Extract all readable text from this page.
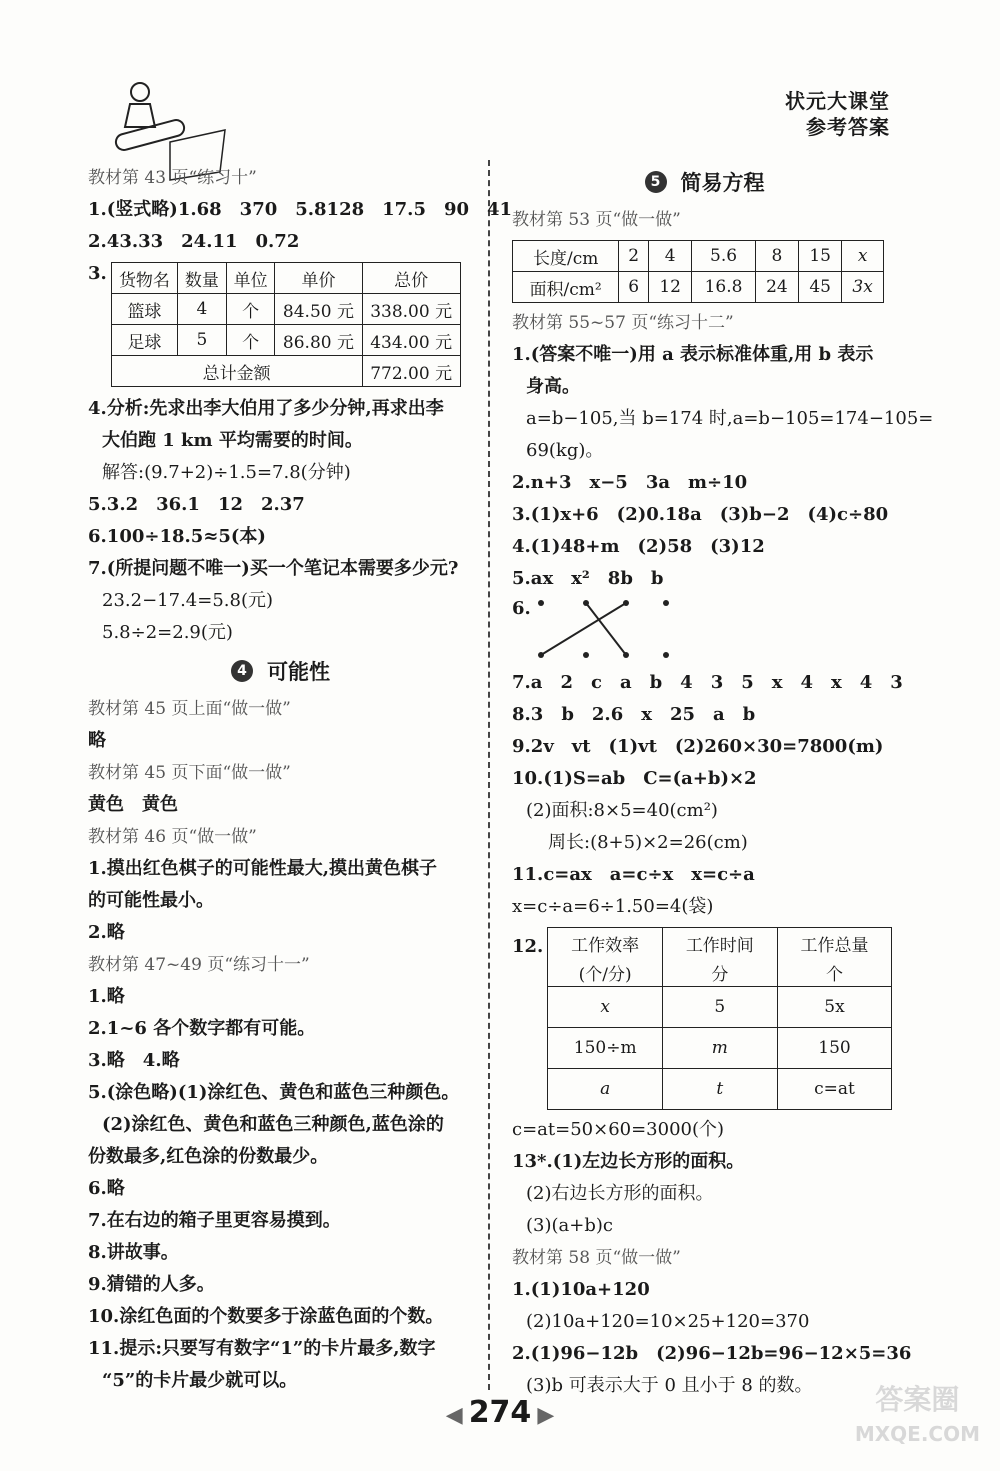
状元大课堂
参考答案
教材第 43 页“练习十”
1.(竖式略)1.68　370　5.8128　17.5　90　41
2.43.33　24.11　0.72
3. 货物名	数量	单位	单价	总价
篮球	4	个	84.50 元	338.00 元
足球	5	个	86.80 元	434.00 元
总计金额				772.00 元
4.分析:先求出李大伯用了多少分钟,再求出李
大伯跑 1 km 平均需要的时间。
解答:(9.7+2)÷1.5=7.8(分钟)
5.3.2　36.1　12　2.37
6.100÷18.5≈5(本)
7.(所提问题不唯一)买一个笔记本需要多少元?
23.2−17.4=5.8(元)
5.8÷2=2.9(元)
4 可能性
教材第 45 页上面“做一做”
略
教材第 45 页下面“做一做”
黄色　黄色
教材第 46 页“做一做”
1.摸出红色棋子的可能性最大,摸出黄色棋子
的可能性最小。
2.略
教材第 47~49 页“练习十一”
1.略
2.1~6 各个数字都有可能。
3.略　4.略
5.(涂色略)(1)涂红色、黄色和蓝色三种颜色。
(2)涂红色、黄色和蓝色三种颜色,蓝色涂的
份数最多,红色涂的份数最少。
6.略
7.在右边的箱子里更容易摸到。
8.讲故事。
9.猜错的人多。
10.涂红色面的个数要多于涂蓝色面的个数。
11.提示:只要写有数字“1”的卡片最多,数字
“5”的卡片最少就可以。
5 简易方程
教材第 53 页“做一做”
长度/cm	2	4	5.6	8	15	x
面积/cm²	6	12	16.8	24	45	3x
教材第 55~57 页“练习十二”
1.(答案不唯一)用 a 表示标准体重,用 b 表示
身高。
a=b−105,当 b=174 时,a=b−105=174−105=
69(kg)。
2.n+3　x−5　3a　m÷10
3.(1)x+6　(2)0.18a　(3)b−2　(4)c÷80
4.(1)48+m　(2)58　(3)12
5.ax　x²　8b　b
6.
7.a　2　c　a　b　4　3　5　x　4　x　4　3
8.3　b　2.6　x　25　a　b
9.2v　vt　(1)vt　(2)260×30=7800(m)
10.(1)S=ab　C=(a+b)×2
(2)面积:8×5=40(cm²)
周长:(8+5)×2=26(cm)
11.c=ax　a=c÷x　x=c÷a
x=c÷a=6÷1.50=4(袋)
12. 工作效率	工作时间	工作总量
(个/分)	分	个
x	5	5x
150÷m	m	150
a	t	c=at
c=at=50×60=3000(个)
13*.(1)左边长方形的面积。
(2)右边长方形的面积。
(3)(a+b)c
教材第 58 页“做一做”
1.(1)10a+120
(2)10a+120=10×25+120=370
2.(1)96−12b　(2)96−12b=96−12×5=36
(3)b 可表示大于 0 且小于 8 的数。
◀ 274 ▶	答案圈
MXQE.COM
